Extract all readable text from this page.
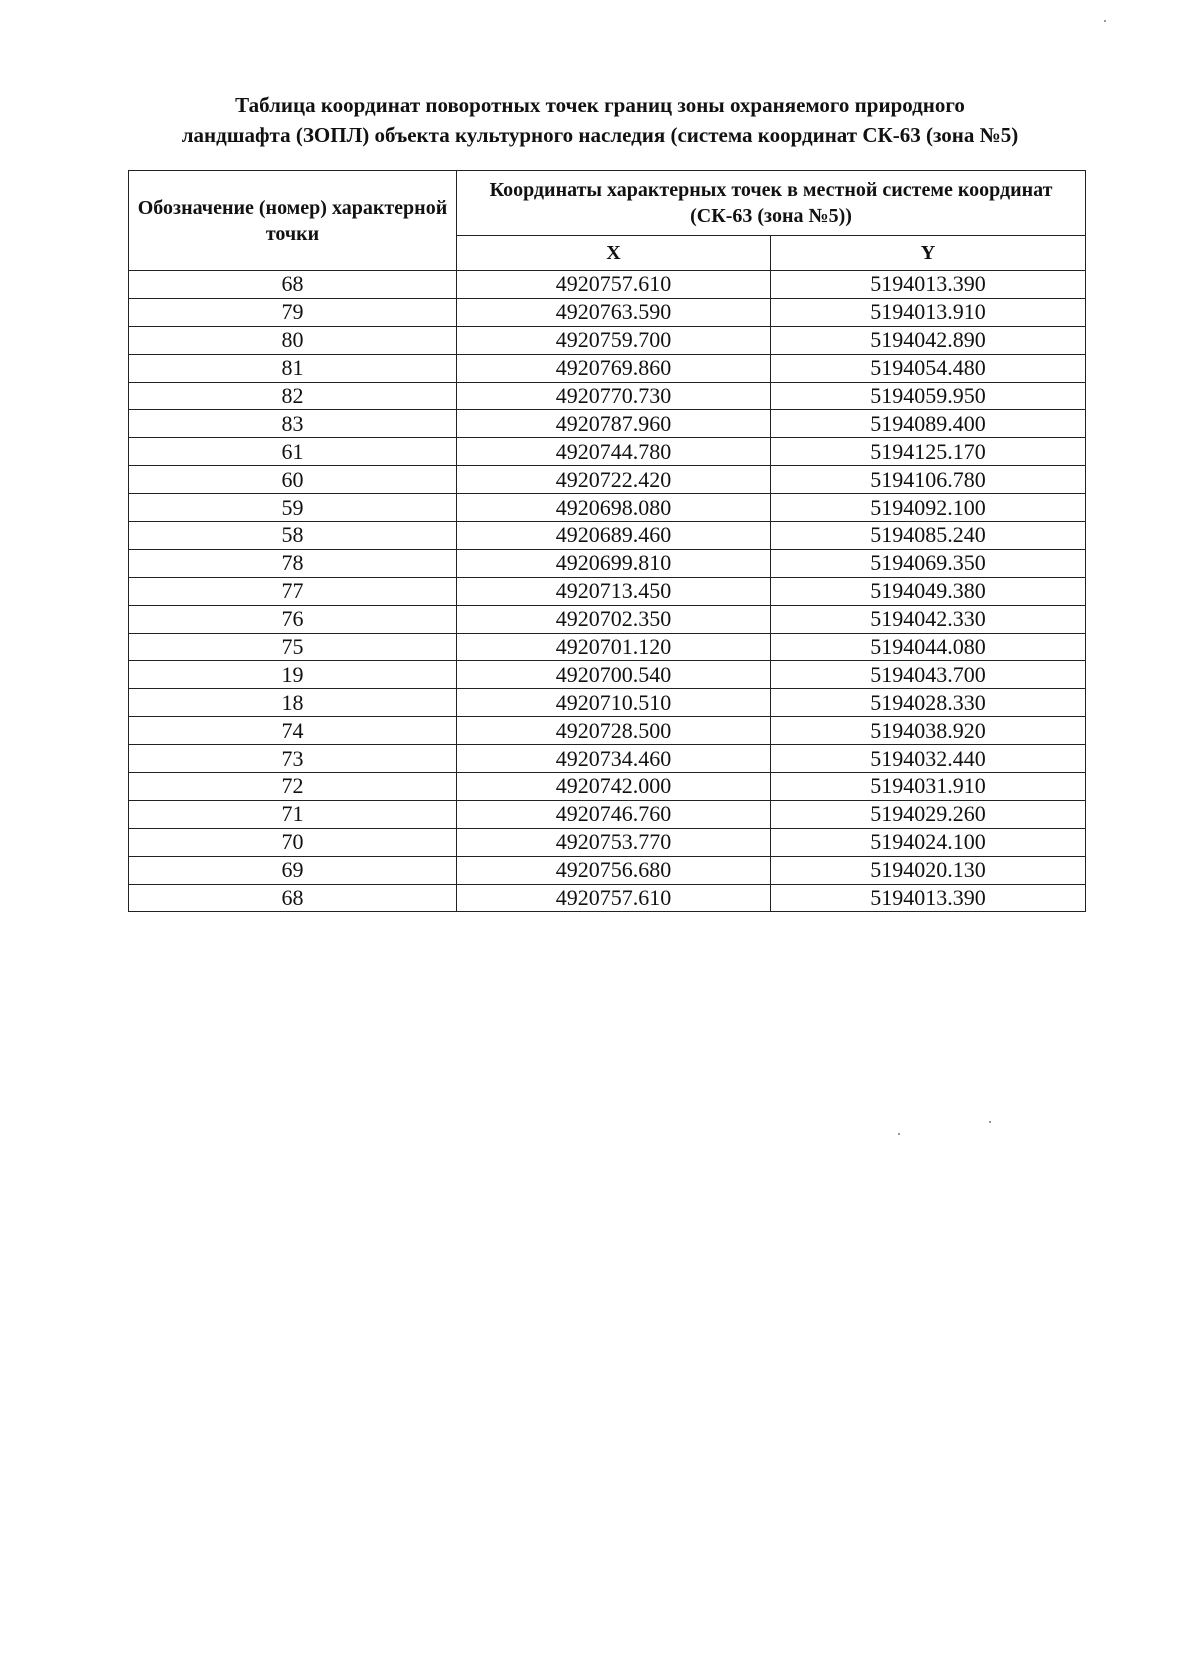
Таблица координат поворотных точек границ зоны охраняемого природного
ландшафта (ЗОПЛ) объекта культурного наследия (система координат СК-63 (зона №5)
Обозначение (номер) характерной точки	Координаты характерных точек в местной системе координат (СК-63 (зона №5))	
	X	Y
68	4920757.610	5194013.390
79	4920763.590	5194013.910
80	4920759.700	5194042.890
81	4920769.860	5194054.480
82	4920770.730	5194059.950
83	4920787.960	5194089.400
61	4920744.780	5194125.170
60	4920722.420	5194106.780
59	4920698.080	5194092.100
58	4920689.460	5194085.240
78	4920699.810	5194069.350
77	4920713.450	5194049.380
76	4920702.350	5194042.330
75	4920701.120	5194044.080
19	4920700.540	5194043.700
18	4920710.510	5194028.330
74	4920728.500	5194038.920
73	4920734.460	5194032.440
72	4920742.000	5194031.910
71	4920746.760	5194029.260
70	4920753.770	5194024.100
69	4920756.680	5194020.130
68	4920757.610	5194013.390
